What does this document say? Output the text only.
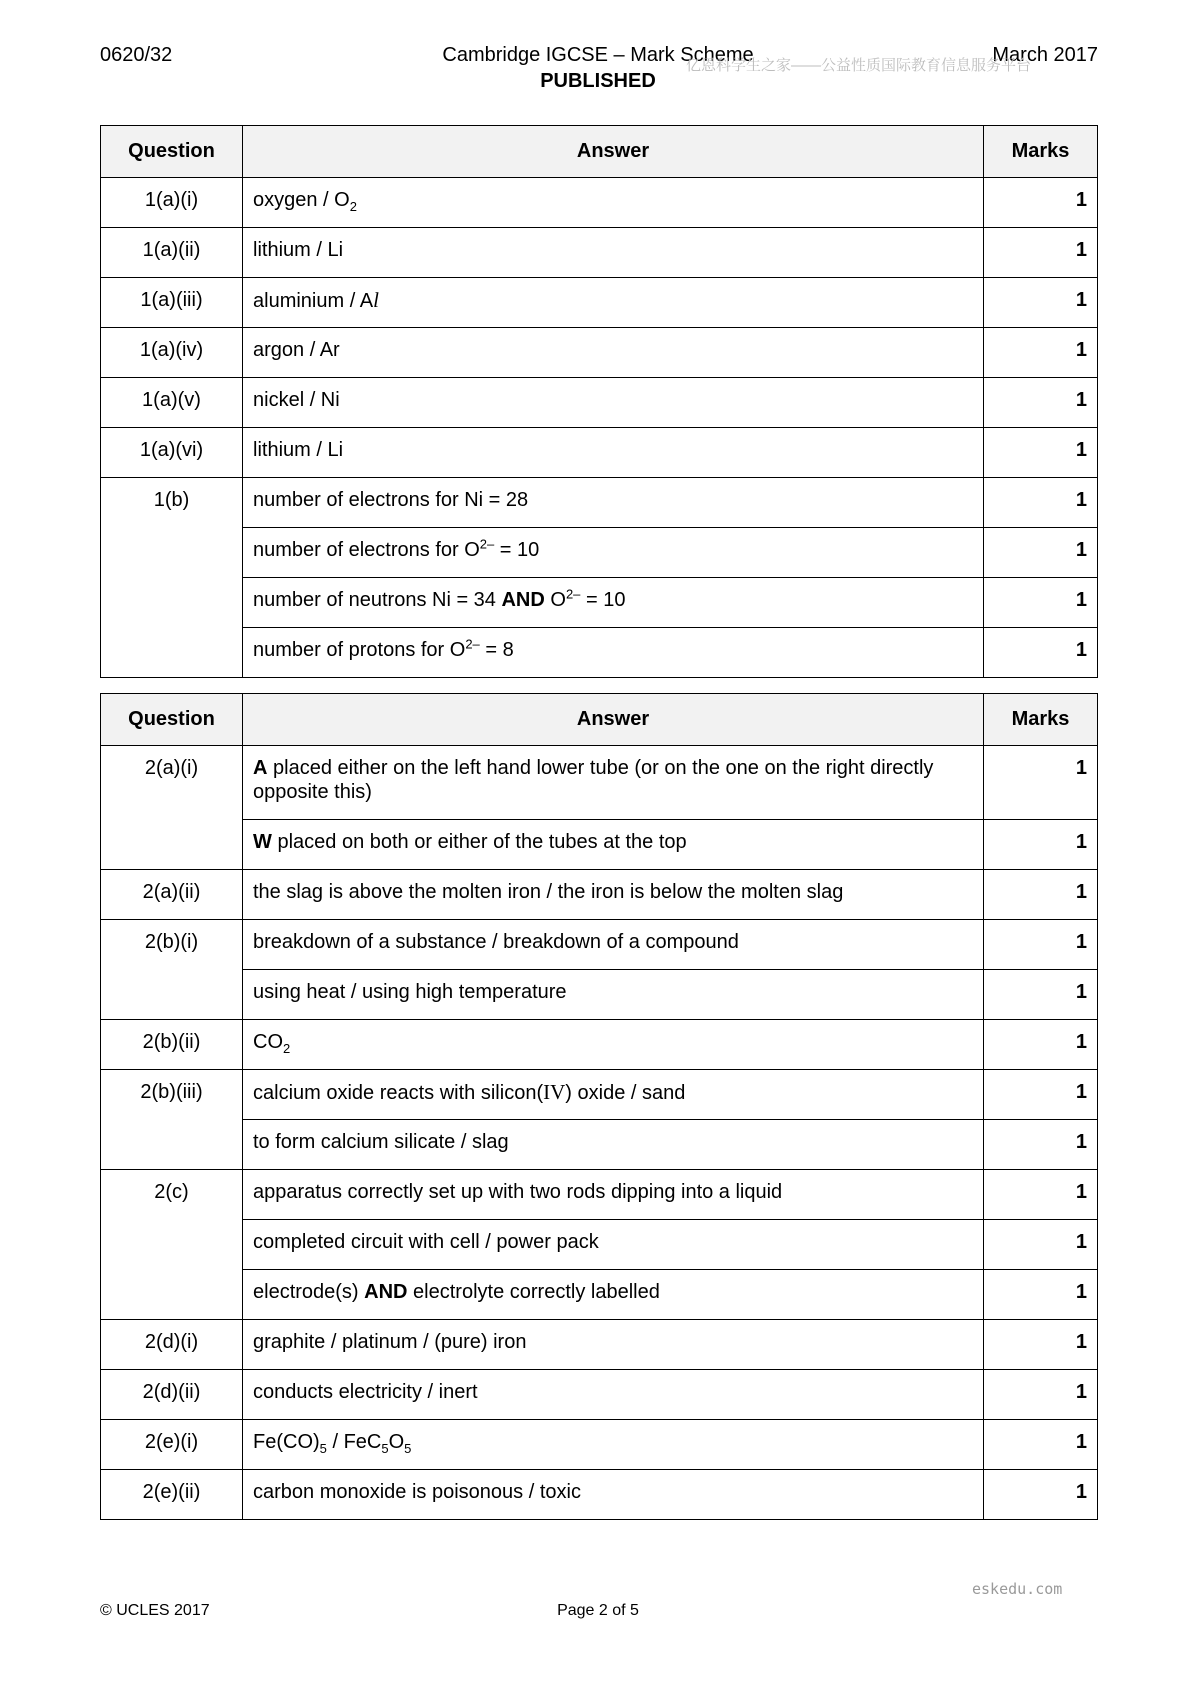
0620/32	Cambridge IGCSE – Mark Scheme	March 2017
PUBLISHED
亿恩科学生之家——公益性质国际教育信息服务平台
Question	Answer	Marks
1(a)(i)	oxygen / $O_2$	1
1(a)(ii)	lithium / Li	1
1(a)(iii)	aluminium / Al	1
1(a)(iv)	argon / Ar	1
1(a)(v)	nickel / Ni	1
1(a)(vi)	lithium / Li	1
1(b)	number of electrons for Ni = 28	1
	number of electrons for $O^{2-} = 10$	1
	number of neutrons Ni = 34 AND $O^{2-} = 10$	1
	number of protons for $O^{2-} = 8$	1
Question	Answer	Marks
2(a)(i)	A placed either on the left hand lower tube (or on the one on the right directly opposite this)	1
	W placed on both or either of the tubes at the top	1
2(a)(ii)	the slag is above the molten iron / the iron is below the molten slag	1
2(b)(i)	breakdown of a substance / breakdown of a compound	1
	using heat / using high temperature	1
2(b)(ii)	$CO_2$	1
2(b)(iii)	calcium oxide reacts with silicon(IV) oxide / sand	1
	to form calcium silicate / slag	1
2(c)	apparatus correctly set up with two rods dipping into a liquid	1
	completed circuit with cell / power pack	1
	electrode(s) AND electrolyte correctly labelled	1
2(d)(i)	graphite / platinum / (pure) iron	1
2(d)(ii)	conducts electricity / inert	1
2(e)(i)	$Fe(CO)_5 / FeC_5O_5$	1
2(e)(ii)	carbon monoxide is poisonous / toxic	1
eskedu.com
© UCLES 2017	Page 2 of 5
